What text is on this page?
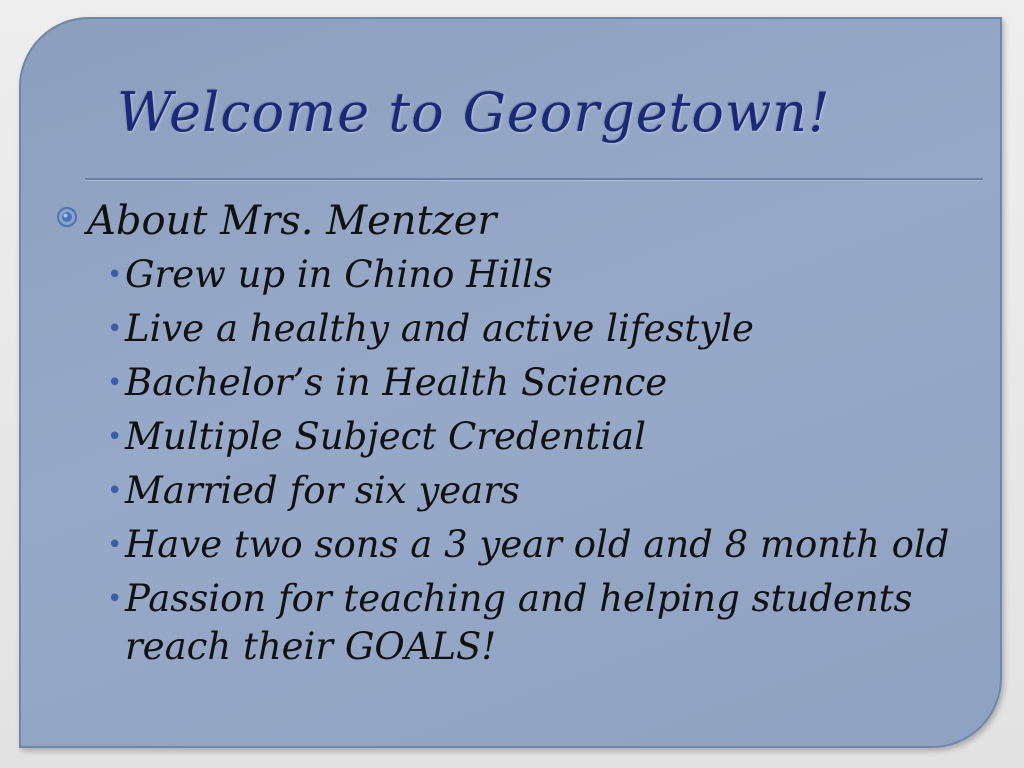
Welcome to Georgetown!
About Mrs. Mentzer
• Grew up in Chino Hills
• Live a healthy and active lifestyle
• Bachelor’s in Health Science
• Multiple Subject Credential
• Married for six years
• Have two sons a 3 year old and 8 month old
• Passion for teaching and helping students reach their GOALS!
